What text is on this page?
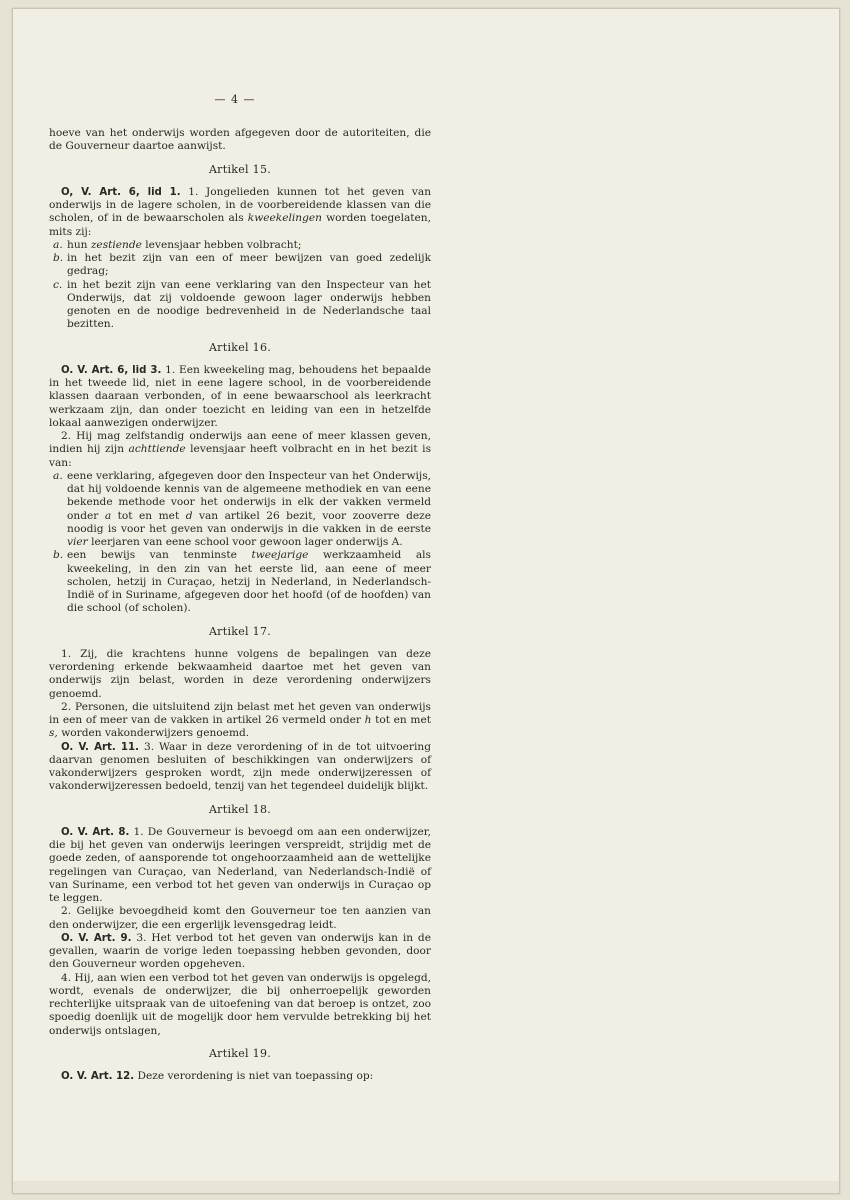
— 4 —

hoeve van het onderwijs worden afgegeven door de autoriteiten, die de Gouverneur daartoe aanwijst.

Artikel 15.

O, V. Art. 6, lid 1. 1. Jongelieden kunnen tot het geven van onderwijs in de lagere scholen, in de voorbereidende klassen van die scholen, of in de bewaarscholen als kweekelingen worden toegelaten, mits zij:

a. hun zestiende levensjaar hebben volbracht;
b. in het bezit zijn van een of meer bewijzen van goed zedelijk gedrag;
c. in het bezit zijn van eene verklaring van den Inspecteur van het Onderwijs, dat zij voldoende gewoon lager onderwijs hebben genoten en de noodige bedrevenheid in de Nederlandsche taal bezitten.
Artikel 16.

O. V. Art. 6, lid 3. 1. Een kweekeling mag, behoudens het bepaalde in het tweede lid, niet in eene lagere school, in de voorbereidende klassen daaraan verbonden, of in eene bewaarschool als leerkracht werkzaam zijn, dan onder toezicht en leiding van een in hetzelfde lokaal aanwezigen onderwijzer.

2. Hij mag zelfstandig onderwijs aan eene of meer klassen geven, indien hij zijn achttiende levensjaar heeft volbracht en in het bezit is van:

a. eene verklaring, afgegeven door den Inspecteur van het Onderwijs, dat hij voldoende kennis van de algemeene methodiek en van eene bekende methode voor het onderwijs in elk der vakken vermeld onder a tot en met d van artikel 26 bezit, voor zooverre deze noodig is voor het geven van onderwijs in die vakken in de eerste vier leerjaren van eene school voor gewoon lager onderwijs A.
b. een bewijs van tenminste tweejarige werkzaamheid als kweekeling, in den zin van het eerste lid, aan eene of meer scholen, hetzij in Curaçao, hetzij in Nederland, in Nederlandsch-Indië of in Suriname, afgegeven door het hoofd (of de hoofden) van die school (of scholen).
Artikel 17.

1. Zij, die krachtens hunne volgens de bepalingen van deze verordening erkende bekwaamheid daartoe met het geven van onderwijs zijn belast, worden in deze verordening onderwijzers genoemd.

2. Personen, die uitsluitend zijn belast met het geven van onderwijs in een of meer van de vakken in artikel 26 vermeld onder h tot en met s, worden vakonderwijzers genoemd.

O. V. Art. 11. 3. Waar in deze verordening of in de tot uitvoering daarvan genomen besluiten of beschikkingen van onderwijzers of vakonderwijzers gesproken wordt, zijn mede onderwijzeressen of vakonderwijzeressen bedoeld, tenzij van het tegendeel duidelijk blijkt.

Artikel 18.

O. V. Art. 8. 1. De Gouverneur is bevoegd om aan een onderwijzer, die bij het geven van onderwijs leeringen verspreidt, strijdig met de goede zeden, of aansporende tot ongehoorzaamheid aan de wettelijke regelingen van Curaçao, van Nederland, van Nederlandsch-Indië of van Suriname, een verbod tot het geven van onderwijs in Curaçao op te leggen.

2. Gelijke bevoegdheid komt den Gouverneur toe ten aanzien van den onderwijzer, die een ergerlijk levensgedrag leidt.

O. V. Art. 9. 3. Het verbod tot het geven van onderwijs kan in de gevallen, waarin de vorige leden toepassing hebben gevonden, door den Gouverneur worden opgeheven.

4. Hij, aan wien een verbod tot het geven van onderwijs is opgelegd, wordt, evenals de onderwijzer, die bij onherroepelijk geworden rechterlijke uitspraak van de uitoefening van dat beroep is ontzet, zoo spoedig doenlijk uit de mogelijk door hem vervulde betrekking bij het onderwijs ontslagen,

Artikel 19.

O. V. Art. 12. Deze verordening is niet van toepassing op:
